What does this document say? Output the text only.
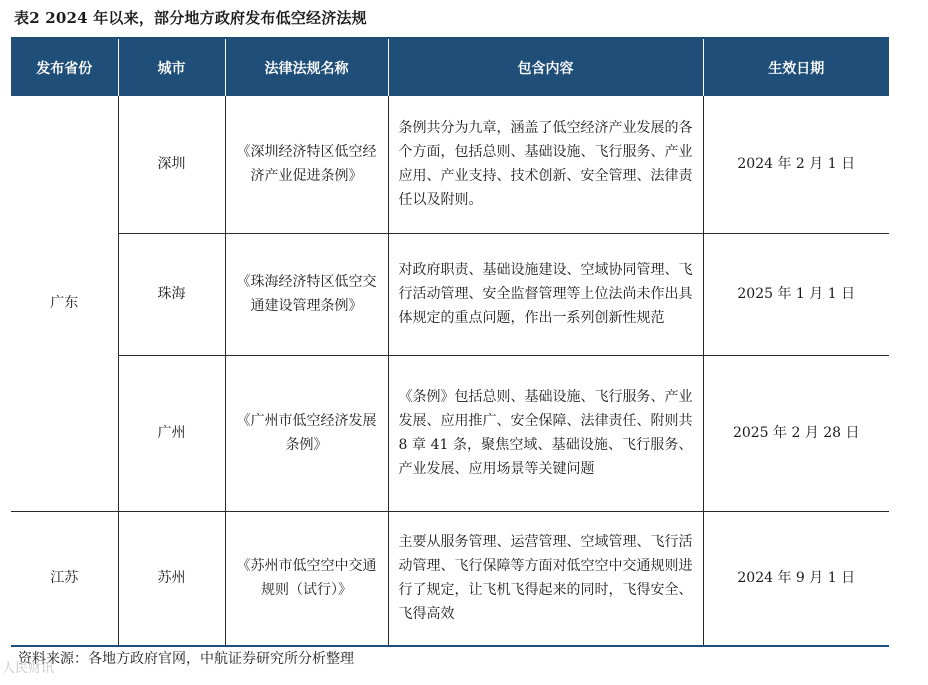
表2 2024 年以来，部分地方政府发布低空经济法规
发布省份	城市	法律法规名称	包含内容	生效日期
广东	深圳	《深圳经济特区低空经济产业促进条例》	条例共分为九章，涵盖了低空经济产业发展的各个方面，包括总则、基础设施、飞行服务、产业应用、产业支持、技术创新、安全管理、法律责任以及附则。	2024 年 2 月 1 日
	珠海	《珠海经济特区低空交通建设管理条例》	对政府职责、基础设施建设、空域协同管理、飞行活动管理、安全监督管理等上位法尚未作出具体规定的重点问题，作出一系列创新性规范	2025 年 1 月 1 日
	广州	《广州市低空经济发展条例》	《条例》包括总则、基础设施、飞行服务、产业发展、应用推广、安全保障、法律责任、附则共 8 章 41 条，聚焦空域、基础设施、飞行服务、产业发展、应用场景等关键问题	2025 年 2 月 28 日
江苏	苏州	《苏州市低空空中交通规则（试行）》	主要从服务管理、运营管理、空域管理、飞行活动管理、飞行保障等方面对低空空中交通规则进行了规定，让飞机飞得起来的同时，飞得安全、飞得高效	2024 年 9 月 1 日
资料来源：各地方政府官网，中航证券研究所分析整理
人民财讯
